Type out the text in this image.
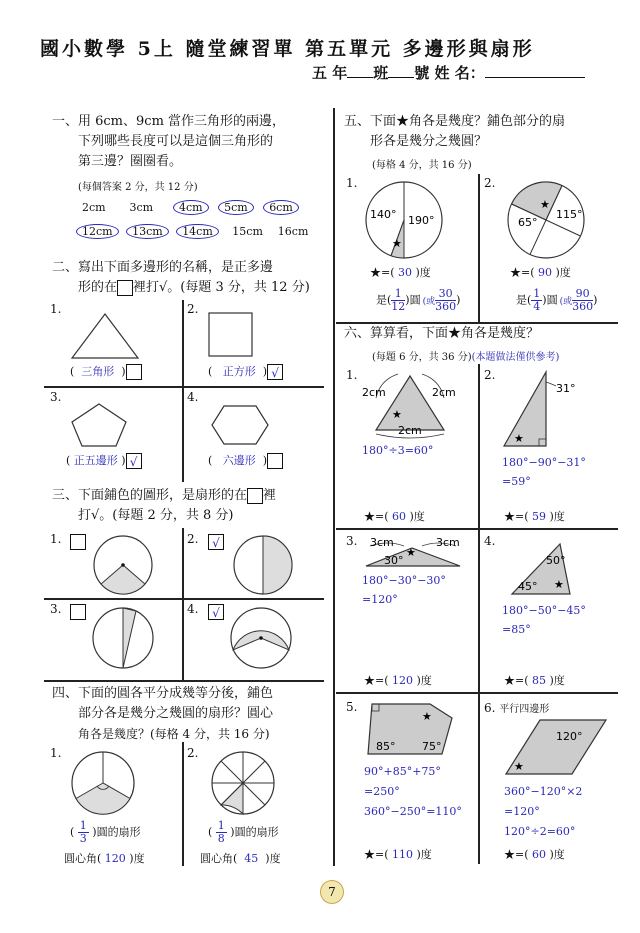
國小數學 5上 隨堂練習單 第五單元 多邊形與扇形
五 年 班 號 姓 名：
一、用 6cm、9cm 當作三角形的兩邊，
下列哪些長度可以是這個三角形的
第三邊？圈圈看。
(每個答案 2 分，共 12 分)
2cm 3cm 4cm 5cm 6cm
12cm 13cm 14cm 15cm 16cm
二、寫出下面多邊形的名稱，是正多邊
形的在 裡打√。(每題 3 分，共 12 分)
1.
(  三角形  )
2.
(   正方形  ) √
3.
( 正五邊形 ) √
4.
(   六邊形  )
三、下面鋪色的圖形，是扇形的在 裡
打√。(每題 2 分，共 8 分)
1.	2.	√
3.	4.	√
四、下面的圓各平分成幾等分後，鋪色
部分各是幾分之幾圓的扇形？圓心
角各是幾度？(每格 4 分，共 16 分)
1.
( $\frac{1}{3}$ )圓的扇形
圓心角( 120 )度
2.
( $\frac{1}{8}$ )圓的扇形
圓心角( 45 )度
五、下面★角各是幾度？鋪色部分的扇
形各是幾分之幾圓？
(每格 4 分，共 16 分)
1.
140° 190°
★
★=( 30 )度
是( $\frac{1}{12}$ )圓 (或 $\frac{30}{360}$ )
2.
65°
115°
★
★=( 90 )度
是( $\frac{1}{4}$ )圓 (或 $\frac{90}{360}$ )
六、算算看，下面★角各是幾度？
(每題 6 分，共 36 分)(本題做法僅供參考)
1.
2cm	2cm
2cm
★
180°÷3=60°
★=( 60 )度
2.
31°
★
180°−90°−31°
=59°
★=( 59 )度
3. 3cm	3cm
30°
★
180°−30°−30°
=120°
★=( 120 )度
4.
50°
45° ★
180°−50°−45°
=85°
★=( 85 )度
5.
85° 75°
★
90°+85°+75°
=250°
360°−250°=110°
★=( 110 )度
6. 平行四邊形
120°
★
360°−120°×2
=120°
120°÷2=60°
★=( 60 )度
7
